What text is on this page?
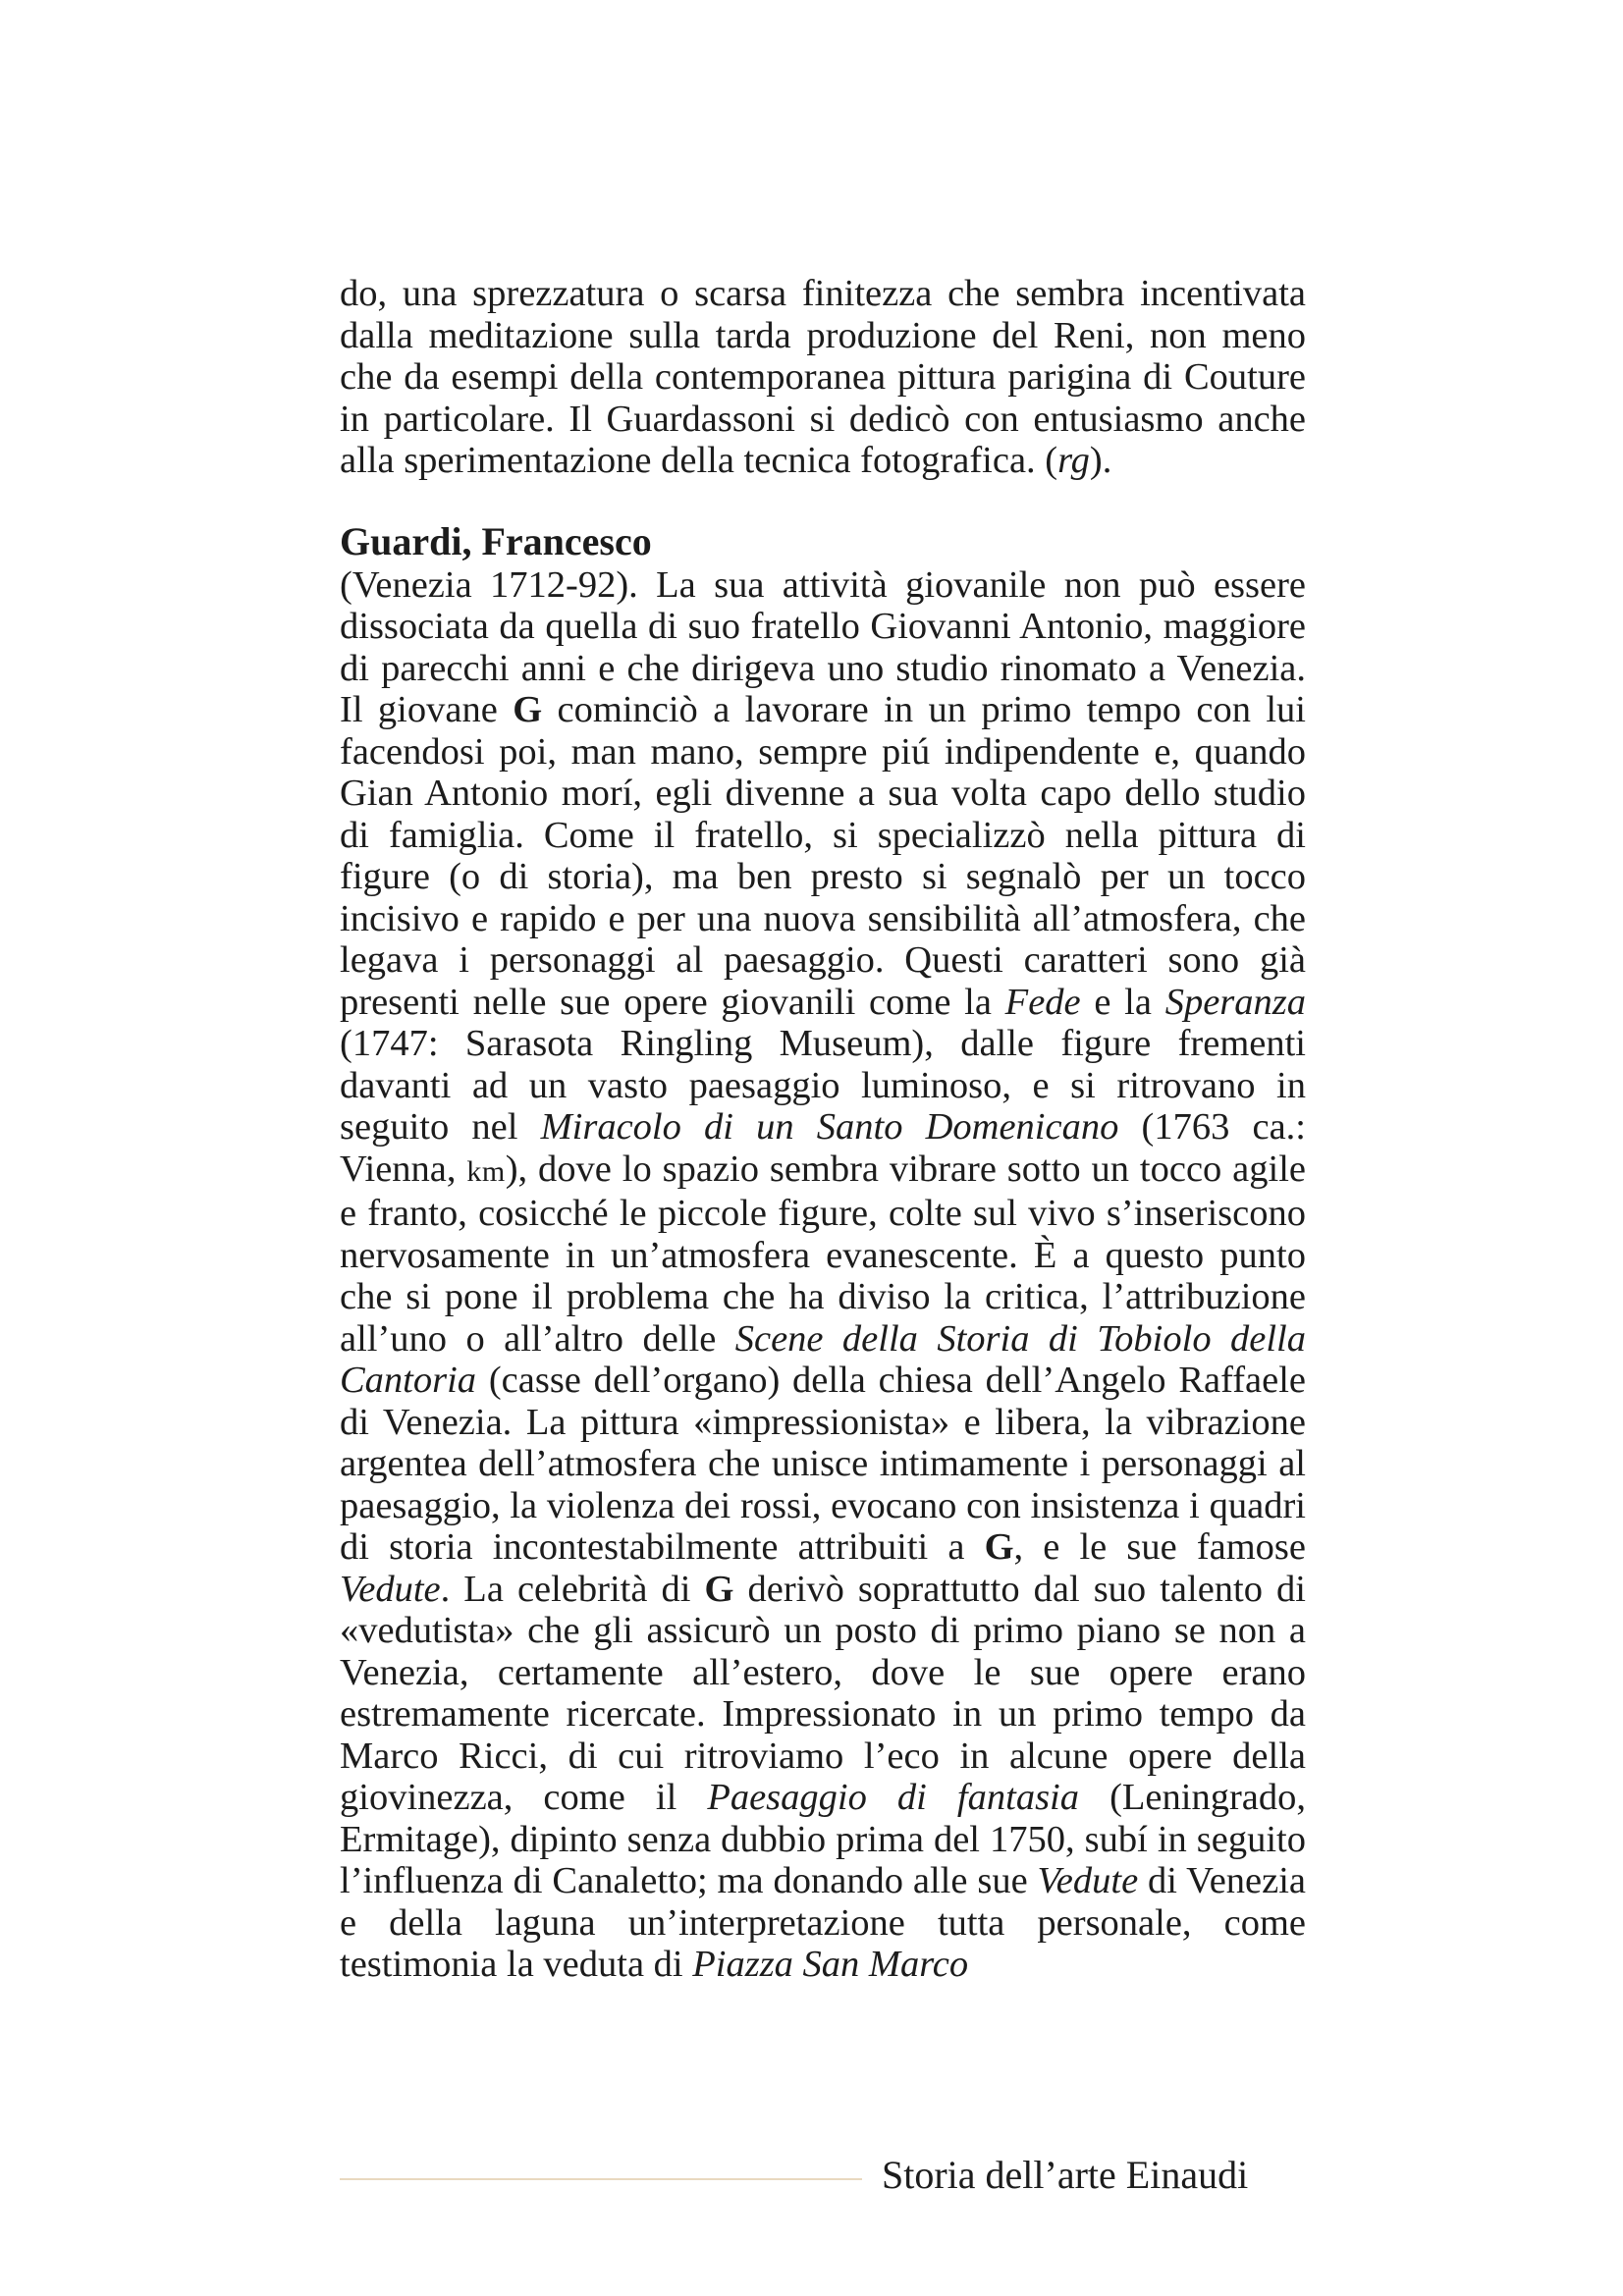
do, una sprezzatura o scarsa finitezza che sembra incentivata dalla meditazione sulla tarda produzione del Reni, non meno che da esempi della contemporanea pittura parigina di Couture in particolare. Il Guardassoni si dedicò con entusiasmo anche alla sperimentazione della tecnica fotografica. (rg).

Guardi, Francesco

(Venezia 1712-92). La sua attività giovanile non può essere dissociata da quella di suo fratello Giovanni Antonio, maggiore di parecchi anni e che dirigeva uno studio rinomato a Venezia. Il giovane G cominciò a lavorare in un primo tempo con lui facendosi poi, man mano, sempre piú indipendente e, quando Gian Antonio morí, egli divenne a sua volta capo dello studio di famiglia. Come il fratello, si specializzò nella pittura di figure (o di storia), ma ben presto si segnalò per un tocco incisivo e rapido e per una nuova sensibilità all’atmosfera, che legava i personaggi al paesaggio. Questi caratteri sono già presenti nelle sue opere giovanili come la Fede e la Speranza (1747: Sarasota Ringling Museum), dalle figure frementi davanti ad un vasto paesaggio luminoso, e si ritrovano in seguito nel Miracolo di un Santo Domenicano (1763 ca.: Vienna, km), dove lo spazio sembra vibrare sotto un tocco agile e franto, cosicché le piccole figure, colte sul vivo s’inseriscono nervosamente in un’atmosfera evanescente. È a questo punto che si pone il problema che ha diviso la critica, l’attribuzione all’uno o all’altro delle Scene della Storia di Tobiolo della Cantoria (casse dell’organo) della chiesa dell’Angelo Raffaele di Venezia. La pittura «impressionista» e libera, la vibrazione argentea dell’atmosfera che unisce intimamente i personaggi al paesaggio, la violenza dei rossi, evocano con insistenza i quadri di storia incontestabilmente attribuiti a G, e le sue famose Vedute. La celebrità di G derivò soprattutto dal suo talento di «vedutista» che gli assicurò un posto di primo piano se non a Venezia, certamente all’estero, dove le sue opere erano estremamente ricercate. Impressionato in un primo tempo da Marco Ricci, di cui ritroviamo l’eco in alcune opere della giovinezza, come il Paesaggio di fantasia (Leningrado, Ermitage), dipinto senza dubbio prima del 1750, subí in seguito l’influenza di Canaletto; ma donando alle sue Vedute di Venezia e della laguna un’interpretazione tutta personale, come testimonia la veduta di Piazza San Marco

Storia dell’arte Einaudi
